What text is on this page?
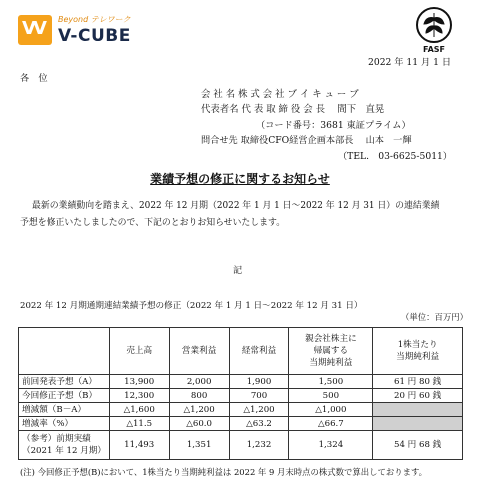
V
V Beyond テレワーク
V-CUBE
FASF
2022 年 11 月 1 日
各　位
会 社 名 株 式 会 社 ブ イ キ ュ ー ブ
代表者名 代 表 取 締 役 会 長　 間下　直晃
（コード番号：3681 東証プライム）
問合せ先 取締役CFO経営企画本部長　 山本　一輝
（TEL.　03-6625-5011）
業績予想の修正に関するお知らせ
最新の業績動向を踏まえ、2022 年 12 月期（2022 年 1 月 1 日～2022 年 12 月 31 日）の連結業績
予想を修正いたしましたので、下記のとおりお知らせいたします。
記
2022 年 12 月期通期連結業績予想の修正（2022 年 1 月 1 日～2022 年 12 月 31 日）
（単位：百万円）
	売上高	営業利益	経常利益	親会社株主に
帰属する
当期純利益	1株当たり
当期純利益
前回発表予想（A）	13,900	2,000	1,900	1,500	61 円 80 銭
今回修正予想（B）	12,300	800	700	500	20 円 60 銭
増減額（B－A）	△1,600	△1,200	△1,200	△1,000	
増減率（%）	△11.5	△60.0	△63.2	△66.7	
（参考）前期実績
（2021 年 12 月期）	11,493	1,351	1,232	1,324	54 円 68 銭
(注) 今回修正予想(B)において、1株当たり当期純利益は 2022 年 9 月末時点の株式数で算出しております。
